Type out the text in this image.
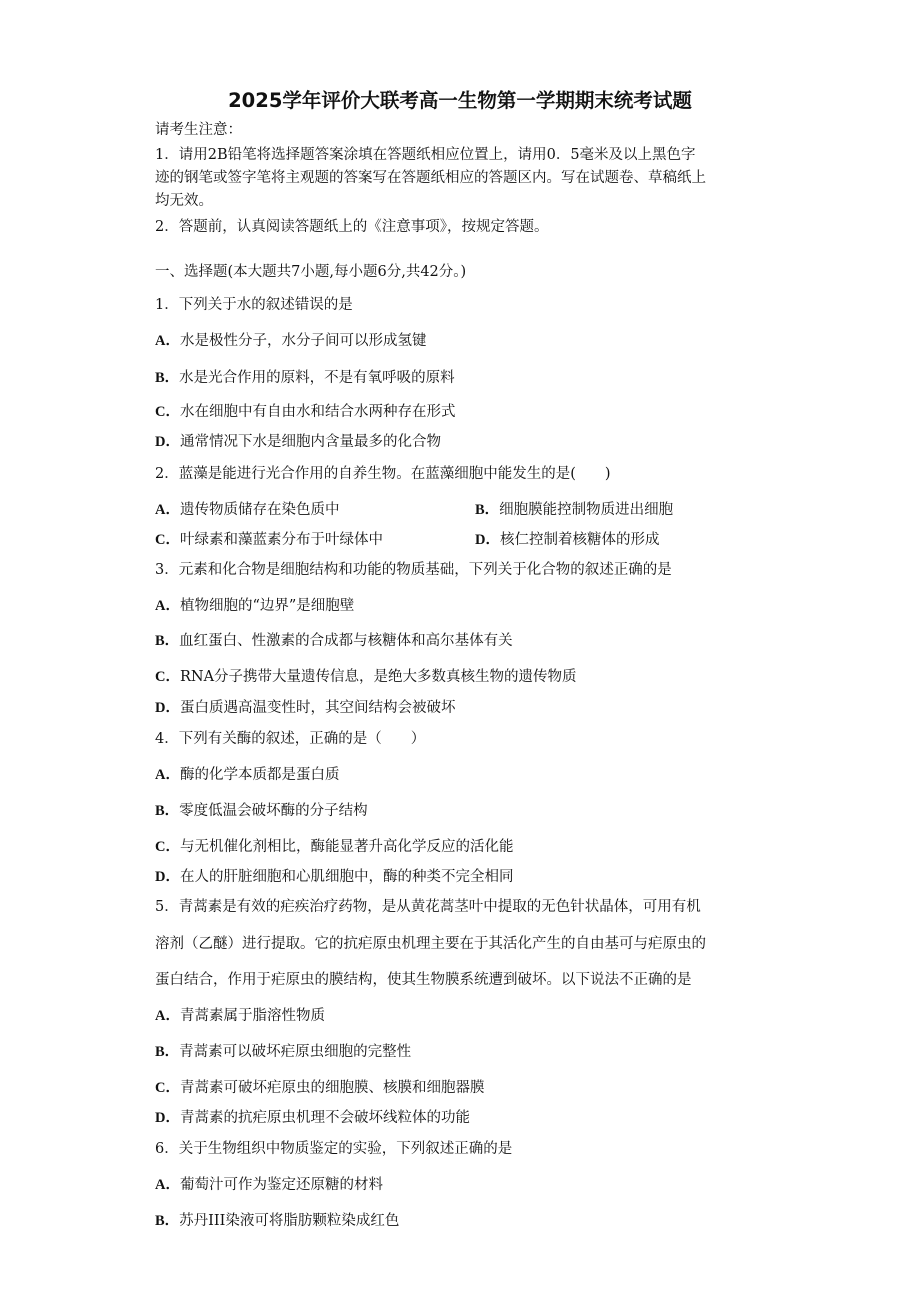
2025学年评价大联考高一生物第一学期期末统考试题
请考生注意：
1．请用2B铅笔将选择题答案涂填在答题纸相应位置上，请用0．5毫米及以上黑色字
迹的钢笔或签字笔将主观题的答案写在答题纸相应的答题区内。写在试题卷、草稿纸上
均无效。
2．答题前，认真阅读答题纸上的《注意事项》，按规定答题。
一、选择题(本大题共7小题,每小题6分,共42分。)
1．下列关于水的叙述错误的是
A．水是极性分子，水分子间可以形成氢键
B．水是光合作用的原料，不是有氧呼吸的原料
C．水在细胞中有自由水和结合水两种存在形式
D．通常情况下水是细胞内含量最多的化合物
2．蓝藻是能进行光合作用的自养生物。在蓝藻细胞中能发生的是(　　)
A．遗传物质储存在染色质中	B．细胞膜能控制物质进出细胞
C．叶绿素和藻蓝素分布于叶绿体中	D．核仁控制着核糖体的形成
3．元素和化合物是细胞结构和功能的物质基础，下列关于化合物的叙述正确的是
A．植物细胞的“边界”是细胞壁
B．血红蛋白、性激素的合成都与核糖体和高尔基体有关
C．RNA分子携带大量遗传信息，是绝大多数真核生物的遗传物质
D．蛋白质遇高温变性时，其空间结构会被破坏
4．下列有关酶的叙述，正确的是（　　）
A．酶的化学本质都是蛋白质
B．零度低温会破坏酶的分子结构
C．与无机催化剂相比，酶能显著升高化学反应的活化能
D．在人的肝脏细胞和心肌细胞中，酶的种类不完全相同
5．青蒿素是有效的疟疾治疗药物，是从黄花蒿茎叶中提取的无色针状晶体，可用有机
溶剂（乙醚）进行提取。它的抗疟原虫机理主要在于其活化产生的自由基可与疟原虫的
蛋白结合，作用于疟原虫的膜结构，使其生物膜系统遭到破坏。以下说法不正确的是
A．青蒿素属于脂溶性物质
B．青蒿素可以破坏疟原虫细胞的完整性
C．青蒿素可破坏疟原虫的细胞膜、核膜和细胞器膜
D．青蒿素的抗疟原虫机理不会破坏线粒体的功能
6．关于生物组织中物质鉴定的实验，下列叙述正确的是
A．葡萄汁可作为鉴定还原糖的材料
B．苏丹III染液可将脂肪颗粒染成红色
